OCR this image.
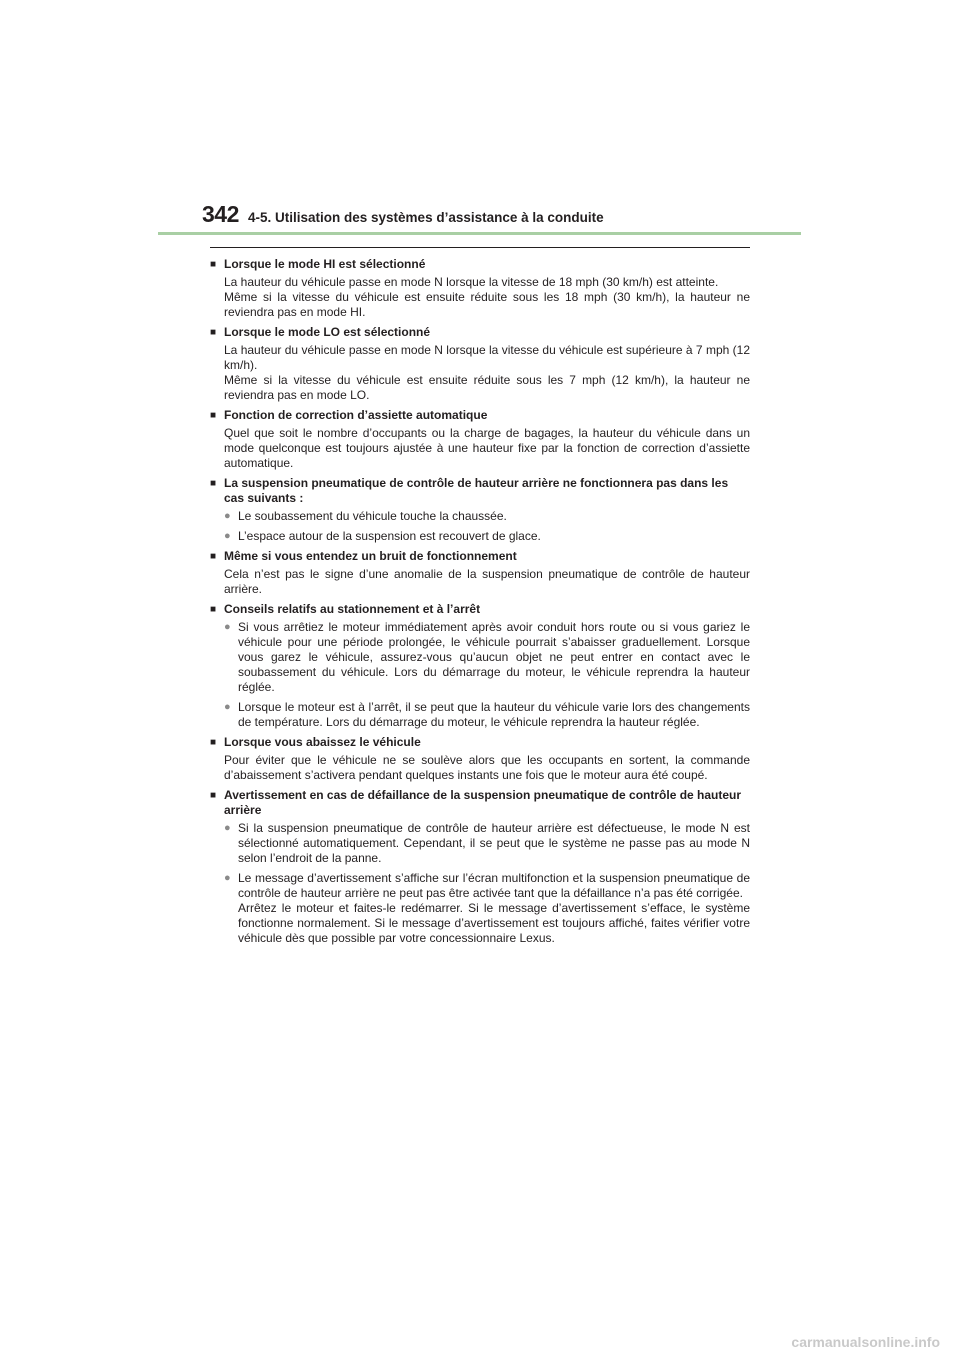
342 4-5. Utilisation des systèmes d’assistance à la conduite
■ Lorsque le mode HI est sélectionné
La hauteur du véhicule passe en mode N lorsque la vitesse de 18 mph (30 km/h) est atteinte.
Même si la vitesse du véhicule est ensuite réduite sous les 18 mph (30 km/h), la hauteur ne reviendra pas en mode HI.
■ Lorsque le mode LO est sélectionné
La hauteur du véhicule passe en mode N lorsque la vitesse du véhicule est supérieure à 7 mph (12 km/h).
Même si la vitesse du véhicule est ensuite réduite sous les 7 mph (12 km/h), la hauteur ne reviendra pas en mode LO.
■ Fonction de correction d’assiette automatique
Quel que soit le nombre d’occupants ou la charge de bagages, la hauteur du véhicule dans un mode quelconque est toujours ajustée à une hauteur fixe par la fonction de correction d’assiette automatique.
■ La suspension pneumatique de contrôle de hauteur arrière ne fonctionnera pas dans les cas suivants :
● Le soubassement du véhicule touche la chaussée.
● L’espace autour de la suspension est recouvert de glace.
■ Même si vous entendez un bruit de fonctionnement
Cela n’est pas le signe d’une anomalie de la suspension pneumatique de contrôle de hauteur arrière.
■ Conseils relatifs au stationnement et à l’arrêt
● Si vous arrêtiez le moteur immédiatement après avoir conduit hors route ou si vous gariez le véhicule pour une période prolongée, le véhicule pourrait s’abaisser graduellement. Lorsque vous garez le véhicule, assurez-vous qu’aucun objet ne peut entrer en contact avec le soubassement du véhicule. Lors du démarrage du moteur, le véhicule reprendra la hauteur réglée.
● Lorsque le moteur est à l’arrêt, il se peut que la hauteur du véhicule varie lors des changements de température. Lors du démarrage du moteur, le véhicule reprendra la hauteur réglée.
■ Lorsque vous abaissez le véhicule
Pour éviter que le véhicule ne se soulève alors que les occupants en sortent, la commande d’abaissement s’activera pendant quelques instants une fois que le moteur aura été coupé.
■ Avertissement en cas de défaillance de la suspension pneumatique de contrôle de hauteur arrière
● Si la suspension pneumatique de contrôle de hauteur arrière est défectueuse, le mode N est sélectionné automatiquement. Cependant, il se peut que le système ne passe pas au mode N selon l’endroit de la panne.
● Le message d’avertissement s’affiche sur l’écran multifonction et la suspension pneumatique de contrôle de hauteur arrière ne peut pas être activée tant que la défaillance n’a pas été corrigée.
Arrêtez le moteur et faites-le redémarrer. Si le message d’avertissement s’efface, le système fonctionne normalement. Si le message d’avertissement est toujours affiché, faites vérifier votre véhicule dès que possible par votre concessionnaire Lexus.
carmanualsonline.info
